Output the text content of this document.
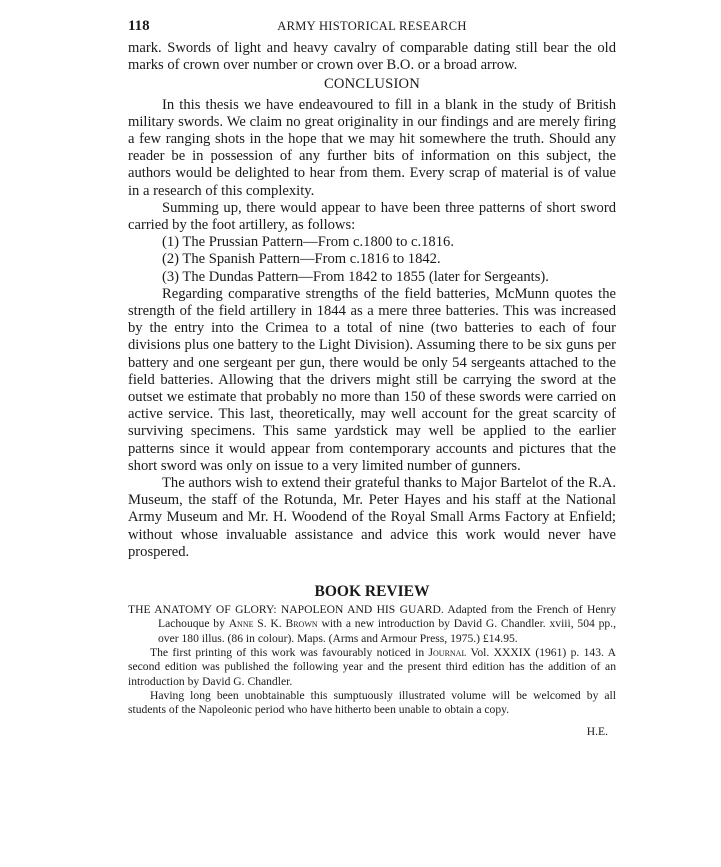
118	ARMY HISTORICAL RESEARCH

mark. Swords of light and heavy cavalry of comparable dating still bear the old marks of crown over number or crown over B.O. or a broad arrow.

CONCLUSION

In this thesis we have endeavoured to fill in a blank in the study of British military swords. We claim no great originality in our findings and are merely firing a few ranging shots in the hope that we may hit somewhere the truth. Should any reader be in possession of any further bits of information on this subject, the authors would be delighted to hear from them. Every scrap of material is of value in a research of this complexity.

Summing up, there would appear to have been three patterns of short sword carried by the foot artillery, as follows:

(1) The Prussian Pattern—From c.1800 to c.1816.
(2) The Spanish Pattern—From c.1816 to 1842.
(3) The Dundas Pattern—From 1842 to 1855 (later for Sergeants).

Regarding comparative strengths of the field batteries, McMunn quotes the strength of the field artillery in 1844 as a mere three batteries. This was increased by the entry into the Crimea to a total of nine (two batteries to each of four divisions plus one battery to the Light Division). Assuming there to be six guns per battery and one sergeant per gun, there would be only 54 sergeants attached to the field batteries. Allowing that the drivers might still be carrying the sword at the outset we estimate that probably no more than 150 of these swords were carried on active service. This last, theoretically, may well account for the great scarcity of surviving specimens. This same yardstick may well be applied to the earlier patterns since it would appear from contemporary accounts and pictures that the short sword was only on issue to a very limited number of gunners.

The authors wish to extend their grateful thanks to Major Bartelot of the R.A. Museum, the staff of the Rotunda, Mr. Peter Hayes and his staff at the National Army Museum and Mr. H. Woodend of the Royal Small Arms Factory at Enfield; without whose invaluable assistance and advice this work would never have prospered.

BOOK REVIEW

THE ANATOMY OF GLORY: NAPOLEON AND HIS GUARD. Adapted from the French of Henry Lachouque by Anne S. K. Brown with a new introduction by David G. Chandler. xviii, 504 pp., over 180 illus. (86 in colour). Maps. (Arms and Armour Press, 1975.) £14.95.

The first printing of this work was favourably noticed in Journal Vol. XXXIX (1961) p. 143. A second edition was published the following year and the present third edition has the addition of an introduction by David G. Chandler.

Having long been unobtainable this sumptuously illustrated volume will be welcomed by all students of the Napoleonic period who have hitherto been unable to obtain a copy.

H.E.
